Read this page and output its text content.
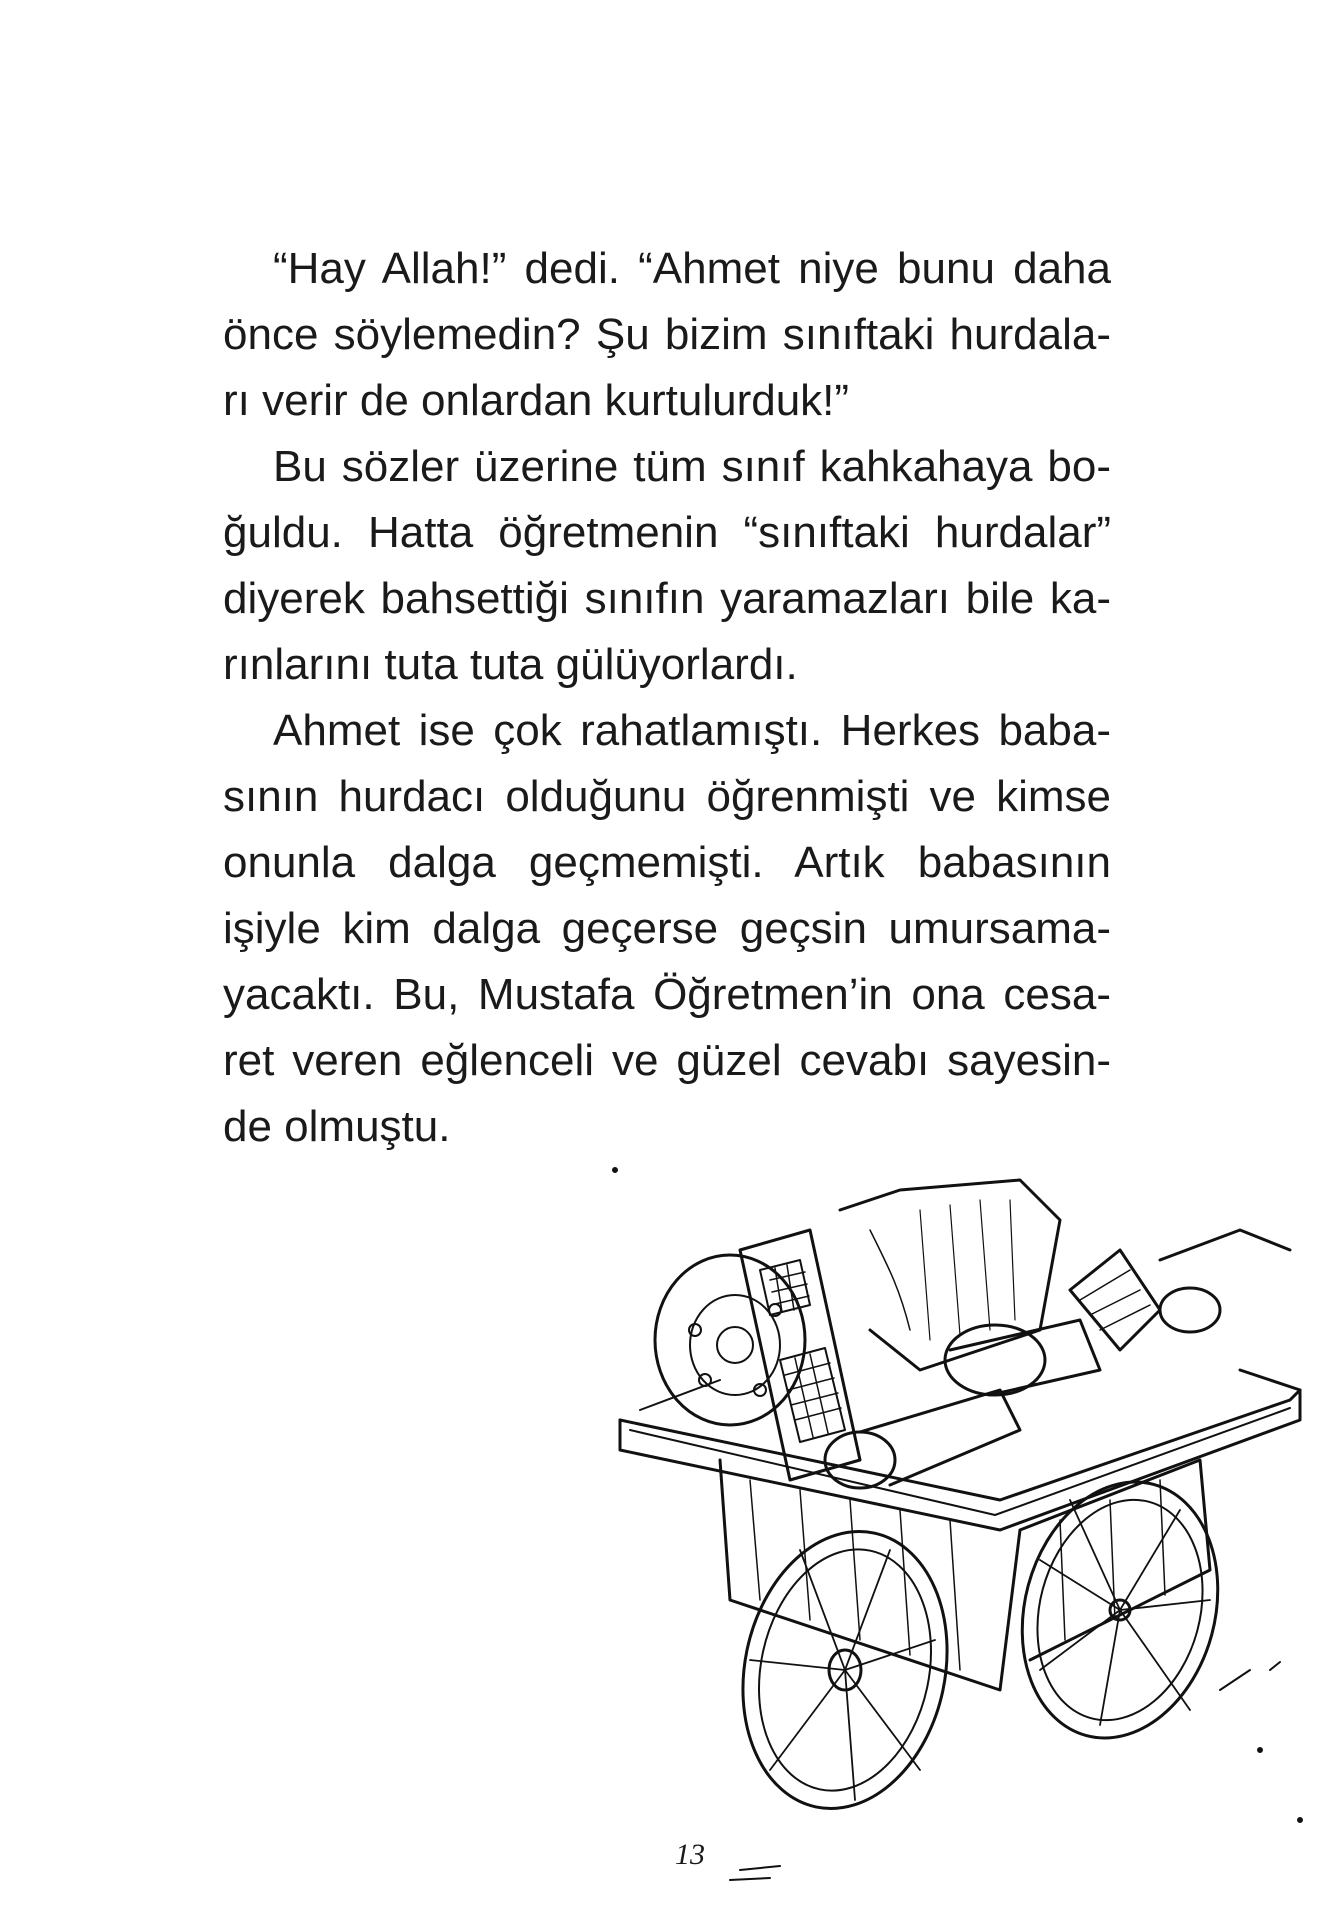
“Hay Allah!” dedi. “Ahmet niye bunu daha
önce söylemedin? Şu bizim sınıftaki hurdala-
rı verir de onlardan kurtulurduk!”
Bu sözler üzerine tüm sınıf kahkahaya bo-
ğuldu. Hatta öğretmenin “sınıftaki hurdalar”
diyerek bahsettiği sınıfın yaramazları bile ka-
rınlarını tuta tuta gülüyorlardı.
Ahmet ise çok rahatlamıştı. Herkes baba-
sının hurdacı olduğunu öğrenmişti ve kimse
onunla dalga geçmemişti. Artık babasının
işiyle kim dalga geçerse geçsin umursama-
yacaktı. Bu, Mustafa Öğretmen’in ona cesa-
ret veren eğlenceli ve güzel cevabı sayesin-
de olmuştu.
13
